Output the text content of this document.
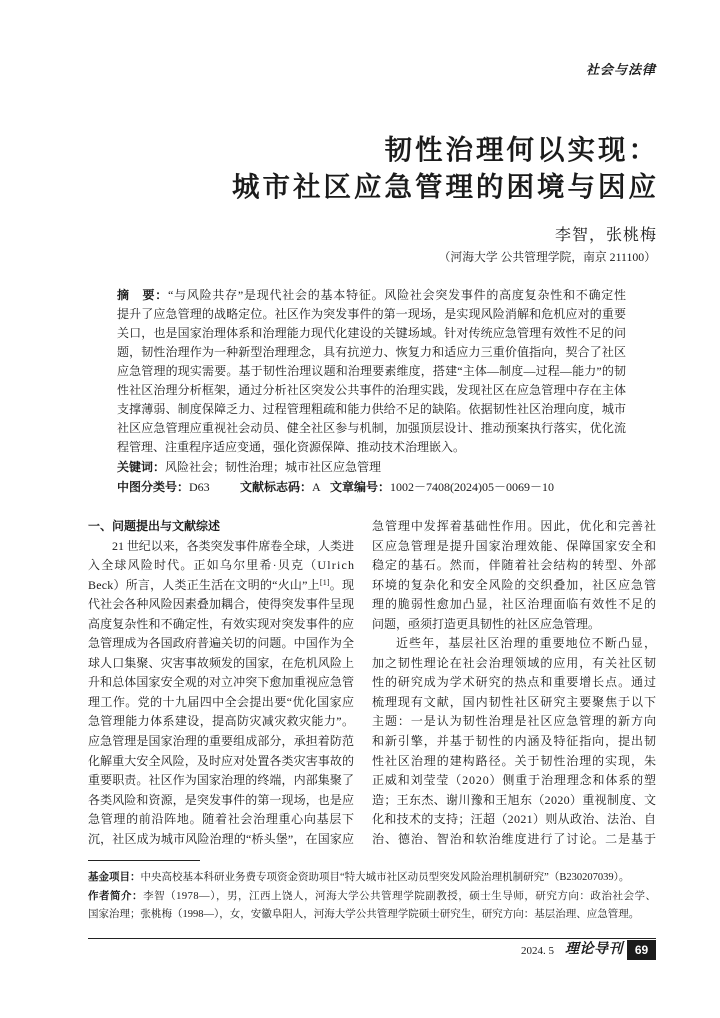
社会与法律
韧性治理何以实现：
城市社区应急管理的困境与因应
李智，张桃梅
（河海大学 公共管理学院，南京 211100）
摘　要：“与风险共存”是现代社会的基本特征。风险社会突发事件的高度复杂性和不确定性
提升了应急管理的战略定位。社区作为突发事件的第一现场，是实现风险消解和危机应对的重要
关口，也是国家治理体系和治理能力现代化建设的关键场域。针对传统应急管理有效性不足的问
题，韧性治理作为一种新型治理理念，具有抗逆力、恢复力和适应力三重价值指向，契合了社区
应急管理的现实需要。基于韧性治理议题和治理要素维度，搭建“主体—制度—过程—能力”的韧
性社区治理分析框架，通过分析社区突发公共事件的治理实践，发现社区在应急管理中存在主体
支撑薄弱、制度保障乏力、过程管理粗疏和能力供给不足的缺陷。依据韧性社区治理向度，城市
社区应急管理应重视社会动员、健全社区参与机制，加强顶层设计、推动预案执行落实，优化流
程管理、注重程序适应变通，强化资源保障、推动技术治理嵌入。
关键词：风险社会；韧性治理；城市社区应急管理
中图分类号：D63	文献标志码：A 文章编号：1002－7408(2024)05－0069－10
一、问题提出与文献综述
21 世纪以来，各类突发事件席卷全球，人类进
入全球风险时代。正如乌尔里希·贝克（Ulrich
Beck）所言，人类正生活在文明的“火山”上[1]。现
代社会各种风险因素叠加耦合，使得突发事件呈现
高度复杂性和不确定性，有效实现对突发事件的应
急管理成为各国政府普遍关切的问题。中国作为全
球人口集聚、灾害事故频发的国家，在危机风险上
升和总体国家安全观的对立冲突下愈加重视应急管
理工作。党的十九届四中全会提出要“优化国家应
急管理能力体系建设，提高防灾减灾救灾能力”。
应急管理是国家治理的重要组成部分，承担着防范
化解重大安全风险，及时应对处置各类灾害事故的
重要职责。社区作为国家治理的终端，内部集聚了
各类风险和资源，是突发事件的第一现场，也是应
急管理的前沿阵地。随着社会治理重心向基层下
沉，社区成为城市风险治理的“桥头堡”，在国家应
急管理中发挥着基础性作用。因此，优化和完善社
区应急管理是提升国家治理效能、保障国家安全和
稳定的基石。然而，伴随着社会结构的转型、外部
环境的复杂化和安全风险的交织叠加，社区应急管
理的脆弱性愈加凸显，社区治理面临有效性不足的
问题，亟须打造更具韧性的社区应急管理。
近些年，基层社区治理的重要地位不断凸显，
加之韧性理论在社会治理领域的应用，有关社区韧
性的研究成为学术研究的热点和重要增长点。通过
梳理现有文献，国内韧性社区研究主要聚焦于以下
主题：一是认为韧性治理是社区应急管理的新方向
和新引擎，并基于韧性的内涵及特征指向，提出韧
性社区治理的建构路径。关于韧性治理的实现，朱
正威和刘莹莹（2020）侧重于治理理念和体系的塑
造；王东杰、谢川豫和王旭东（2020）重视制度、文
化和技术的支持；汪超（2021）则从政治、法治、自
治、德治、智治和软治维度进行了讨论。二是基于
基金项目：中央高校基本科研业务费专项资金资助项目“特大城市社区动员型突发风险治理机制研究”（B230207039）。
作者简介：李智（1978—），男，江西上饶人，河海大学公共管理学院副教授，硕士生导师，研究方向：政治社会学、
国家治理；张桃梅（1998—），女，安徽阜阳人，河海大学公共管理学院硕士研究生，研究方向：基层治理、应急管理。
2024. 5 理论导刊 69
